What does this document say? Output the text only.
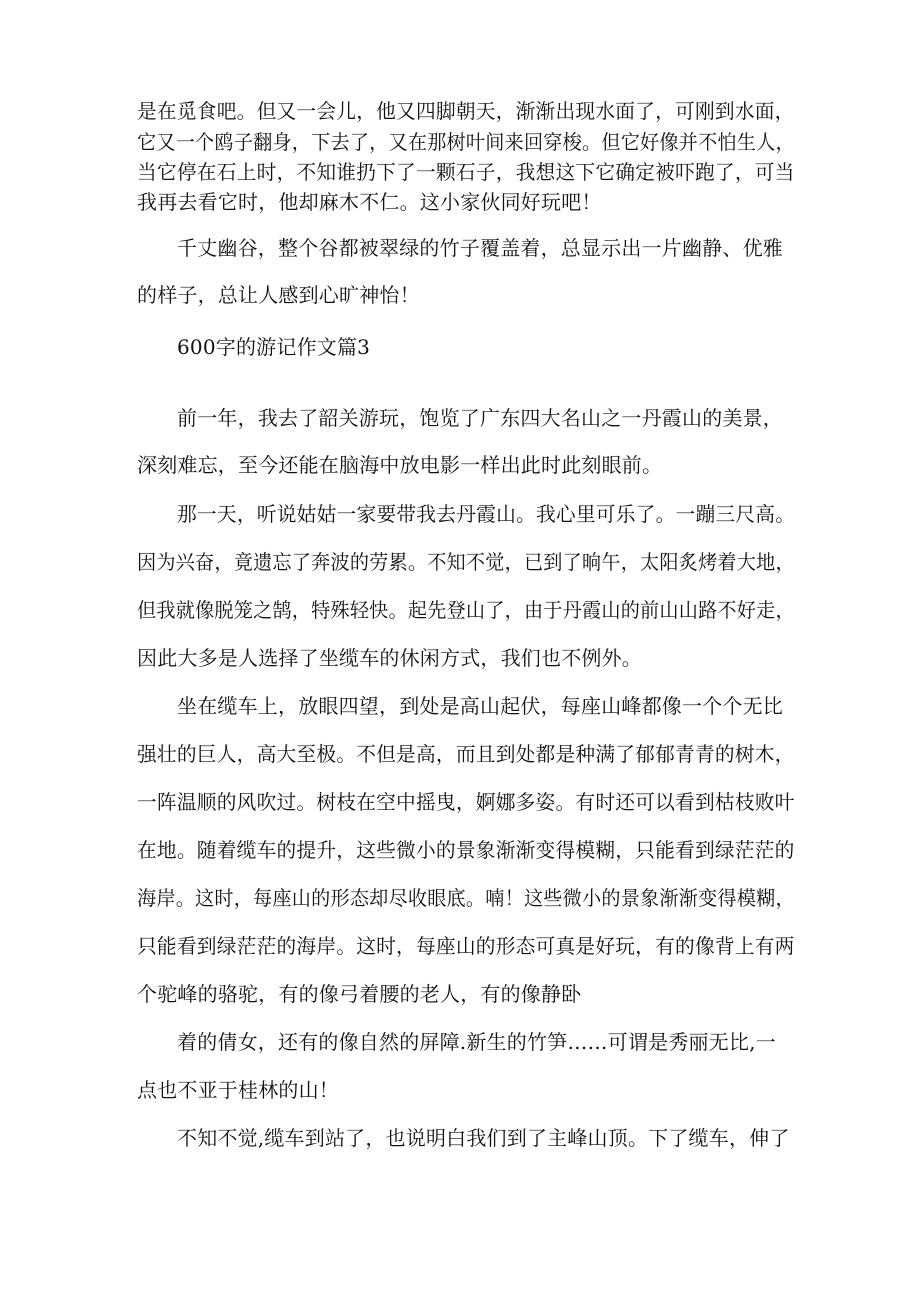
是在觅食吧。但又一会儿，他又四脚朝天，渐渐出现水面了，可刚到水面，
它又一个鸥子翻身，下去了，又在那树叶间来回穿梭。但它好像并不怕生人，
当它停在石上时，不知谁扔下了一颗石子，我想这下它确定被吓跑了，可当
我再去看它时，他却麻木不仁。这小家伙同好玩吧！
千丈幽谷，整个谷都被翠绿的竹子覆盖着，总显示出一片幽静、优雅
的样子，总让人感到心旷神怡！
600字的游记作文篇3
前一年，我去了韶关游玩，饱览了广东四大名山之一丹霞山的美景，
深刻难忘，至今还能在脑海中放电影一样出此时此刻眼前。
那一天，听说姑姑一家要带我去丹霞山。我心里可乐了。一蹦三尺高。
因为兴奋，竟遗忘了奔波的劳累。不知不觉，已到了晌午，太阳炙烤着大地，
但我就像脱笼之鹄，特殊轻快。起先登山了，由于丹霞山的前山山路不好走，
因此大多是人选择了坐缆车的休闲方式，我们也不例外。
坐在缆车上，放眼四望，到处是高山起伏，每座山峰都像一个个无比
强壮的巨人，高大至极。不但是高，而且到处都是种满了郁郁青青的树木，
一阵温顺的风吹过。树枝在空中摇曳，婀娜多姿。有时还可以看到枯枝败叶
在地。随着缆车的提升，这些微小的景象渐渐变得模糊，只能看到绿茫茫的
海岸。这时，每座山的形态却尽收眼底。喃！这些微小的景象渐渐变得模糊，
只能看到绿茫茫的海岸。这时，每座山的形态可真是好玩，有的像背上有两
个驼峰的骆驼，有的像弓着腰的老人，有的像静卧
着的倩女，还有的像自然的屏障.新生的竹笋……可谓是秀丽无比,一
点也不亚于桂林的山！
不知不觉,缆车到站了，也说明白我们到了主峰山顶。下了缆车，伸了
